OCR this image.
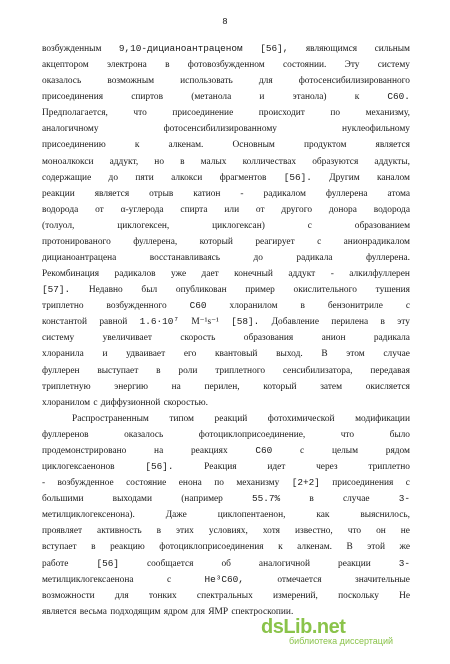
8
возбужденным 9,10-дицианоантраценом [56], являющимся сильным
акцептором электрона в фотовозбужденном состоянии. Эту систему
оказалось	возможным	использовать	для	фотосенсибилизированного
присоединения	спиртов	(метанола	и	этанола)	к	C60.
Предполагается,	что	присоединение	происходит	по	механизму,
аналогичному	фотосенсибилизированному	нуклеофильному
присоединению	к	алкенам.	Основным	продуктом	является
моноалкокси аддукт, но в малых колличествах образуются аддукты,
содержащие до пяти алкокси фрагментов [56]. Другим каналом
реакции является отрыв катион - радикалом фуллерена атома
водорода от α-углерода спирта или от другого донора водорода
(толуол,	циклогексен,	циклогексан)	с	образованием
протонированого фуллерена, который реагирует с анионрадикалом
дицианоантрацена	восстанавливаясь	до	радикала	фуллерена.
Рекомбинация радикалов уже дает конечный аддукт - алкилфуллерен
[57]. Недавно был опубликован пример окислительного тушения
триплетно возбужденного C60 хлоранилом в бензонитриле с
константой равной 1.6·10⁷ M⁻¹s⁻¹ [58]. Добавление перилена в эту
систему	увеличивает	скорость	образования	анион	радикала
хлоранила и удваивает его квантовый выход. В этом случае
фуллерен выступает в роли триплетного сенсибилизатора, передавая
триплетную	энергию	на	перилен,	который	затем	окисляется
хлоранилом с диффузионной скоростью.
Распространенным типом реакций фотохимической модификации
фуллеренов	оказалось	фотоциклоприсоединение,	что	было
продемонстрировано	на	реакциях	C60	с	целым	рядом
циклогексаенонов	[56].	Реакция	идет	через	триплетно
- возбужденное состояние енона по механизму [2+2] присоединения с
большими	выходами	(например	55.7%	в	случае	3-
метилциклогексенона).	Даже	циклопентаенон,	как	выяснилось,
проявляет активность в этих условиях, хотя известно, что он не
вступает в реакцию фотоциклоприсоединения к алкенам. В этой же
работе	[56]	сообщается	об	аналогичной	реакции	3-
метилциклогексаенона	с	He³C60,	отмечается	значительные
возможности для тонких спектральных измерений, поскольку He
является весьма подходящим ядром для ЯМР спектроскопии.
dsLib.net
библиотека диссертаций
